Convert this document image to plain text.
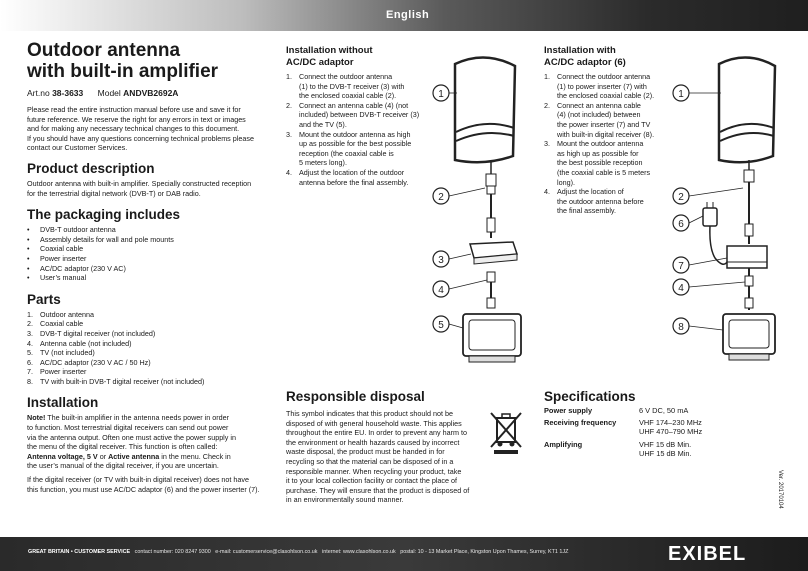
English
Outdoor antenna
with built-in amplifier
Art.no 38-3633 Model ANDVB2692A

Please read the entire instruction manual before use and save it for

future reference. We reserve the right for any errors in text or images

and for making any necessary technical changes to this document.

If you should have any questions concerning technical problems please

contact our Customer Services.

Product description

Outdoor antenna with built-in amplifier. Specially constructed reception

for the terrestrial digital network (DVB-T) or DAB radio.

The packaging includes
• DVB-T outdoor antenna
• Assembly details for wall and pole mounts
• Coaxial cable
• Power inserter
• AC/DC adaptor (230 V AC)
• User’s manual
Parts
1. Outdoor antenna
2. Coaxial cable
3. DVB-T digital receiver (not included)
4. Antenna cable (not included)
5. TV (not included)
6. AC/DC adaptor (230 V AC / 50 Hz)
7. Power inserter
8. TV with built-in DVB-T digital receiver (not included)
Installation

Note! The built-in amplifier in the antenna needs power in order

to function. Most terrestrial digital receivers can send out power

via the antenna output. Often one must active the power supply in

the menu of the digital receiver. This function is often called:

Antenna voltage, 5 V or Active antenna in the menu. Check in

the user’s manual of the digital receiver, if you are uncertain.

If the digital receiver (or TV with built-in digital receiver) does not have

this function, you must use AC/DC adaptor (6) and the power inserter (7).

Installation without
AC/DC adaptor
1. Connect the outdoor antenna
(1) to the DVB-T receiver (3) with
the enclosed coaxial cable (2).
2. Connect an antenna cable (4) (not
included) between DVB-T receiver (3)
and the TV (5).
3. Mount the outdoor antenna as high
up as possible for the best possible
reception (the coaxial cable is
5 meters long).
4. Adjust the location of the outdoor
antenna before the final assembly.
1
2
3
4
5
Installation with
AC/DC adaptor (6)
1. Connect the outdoor antenna
(1) to power inserter (7) with
the enclosed coaxial cable (2).
2. Connect an antenna cable
(4) (not included) between
the power inserter (7) and TV
with built-in digital receiver (8).
3. Mount the outdoor antenna
as high up as possible for
the best possible reception
(the coaxial cable is 5 meters
long).
4. Adjust the location of
the outdoor antenna before
the final assembly.
1
2
6
7
4
8
Responsible disposal

This symbol indicates that this product should not be

disposed of with general household waste. This applies

throughout the entire EU. In order to prevent any harm to

the environment or health hazards caused by incorrect

waste disposal, the product must be handed in for

recycling so that the material can be disposed of in a

responsible manner. When recycling your product, take

it to your local collection facility or contact the place of

purchase. They will ensure that the product is disposed of

in an environmentally sound manner.

Specifications
Power supply	6 V DC, 50 mA
Receiving frequency	VHF 174–230 MHz
UHF 470–790 MHz
Amplifying	VHF 15 dB Min.
UHF 15 dB Min.
Ver. 20170104
GREAT BRITAIN • CUSTOMER SERVICE contact number: 020 8247 9300 e-mail: customerservice@clasohlson.co.uk internet: www.clasohlson.co.uk postal: 10 - 13 Market Place, Kingston Upon Thames, Surrey, KT1 1JZ	EXIBEL
